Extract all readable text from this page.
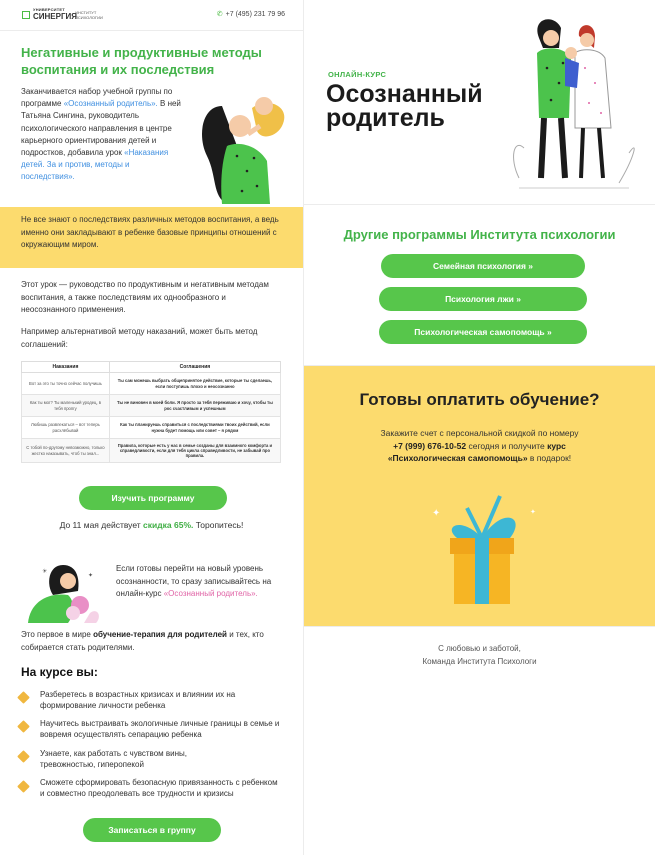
УНИВЕРСИТЕТ
СИНЕРГИЯ
ИНСТИТУТ ПСИХОЛОГИИ	✆ +7 (495) 231 79 96
Негативные и продуктивные методы воспитания и их последствия
Заканчивается набор учебной группы по программе «Осознанный родитель». В ней Татьяна Сингина, руководитель психологического направления в центре карьерного ориентирования детей и подростков, добавила урок «Наказания детей. За и против, методы и последствия».
Не все знают о последствиях различных методов воспитания, а ведь именно они закладывают в ребенке базовые принципы отношений с окружающим миром.
Этот урок — руководство по продуктивным и негативным методам воспитания, а также последствиям их однообразного и неосознанного применения.
Например альтернативой методу наказаний, может быть метод соглашений:
Наказания	Соглашения
Вот за это ты точно сейчас получишь	Ты сам можешь выбрать общепринятое действие, которые ты сделаешь, если поступишь плохо и неосознанно
Как ты мог? Ты маленький уродец, в тебя пропгу	Ты не виновен в моей боли. Я просто за тебя переживаю и хочу, чтобы ты рос счастливым и успешным
Любишь развлекаться – вот теперь расхлёбывай	Как ты планируешь справиться с последствиями твоих действий, если нужна будет помощь или совет – я рядом
С тобой по-другому невозможно, только жестко наказывать, чтоб ты знал...	Правила, которые есть у нас в семье созданы для взаимного комфорта и справедливости, если для тебя цикла справедливости, не забывай про правила.
Изучить программу
До 11 мая действует скидка 65%. Торопитесь!
☀
✦
Если готовы перейти на новый уровень осознанности, то сразу записывайтесь на онлайн-курс «Осознанный родитель».
Это первое в мире обучение-терапия для родителей и тех, кто собирается стать родителями.
На курсе вы:
Разберетесь в возрастных кризисах и влиянии их на формирование личности ребенка
Научитесь выстраивать экологичные личные границы в семье и вовремя осуществлять сепарацию ребенка
Узнаете, как работать с чувством вины, тревожностью, гиперопекой
Сможете сформировать безопасную привязанность с ребенком и совместно преодолевать все трудности и кризисы
Записаться в группу
ОНЛАЙН-КУРС
Осознанный
родитель
Другие программы Института психологии
Семейная психология »
Психология лжи »
Психологическая самопомощь »
Готовы оплатить обучение?
Закажите счет с персональной скидкой по номеру
+7 (999) 676-10-52 сегодня и получите курс
«Психологическая самопомощь» в подарок!
✦	✦
С любовью и заботой,
Команда Института Психологи
